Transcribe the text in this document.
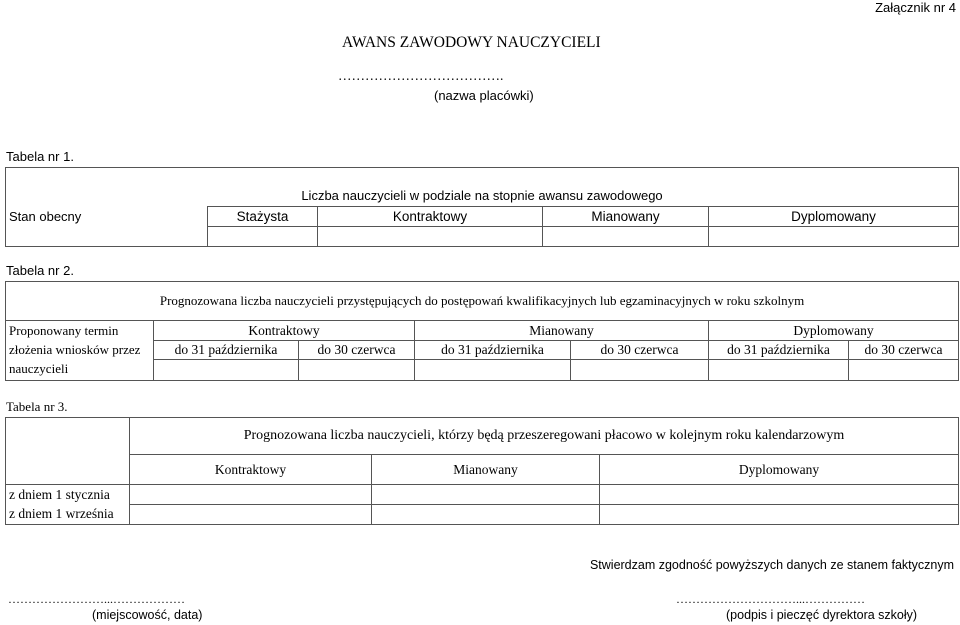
Załącznik nr 4
AWANS ZAWODOWY NAUCZYCIELI
……………………………….
(nazwa placówki)
Tabela nr 1.
Liczba nauczycieli w podziale na stopnie awansu zawodowego				
Stan obecny	Stażysta	Kontraktowy	Mianowany	Dyplomowany

Tabela nr 2.
Prognozowana liczba nauczycieli przystępujących do postępowań kwalifikacyjnych lub egzaminacyjnych w roku szkolnym						
Proponowany termin złożenia wniosków przez nauczycieli	Kontraktowy		Mianowany		Dyplomowany	
	do 31 października	do 30 czerwca	do 31 października	do 30 czerwca	do 31 października	do 30 czerwca

Tabela nr 3.
	Prognozowana liczba nauczycieli, którzy będą przeszeregowani płacowo w kolejnym roku kalendarzowym		
	Kontraktowy	Mianowany	Dyplomowany
z dniem 1 stycznia			
z dniem 1 września			
Stwierdzam zgodność powyższych danych ze stanem faktycznym
……………………...………………
(miejscowość, data)
…………………………...……………
(podpis i pieczęć dyrektora szkoły)
